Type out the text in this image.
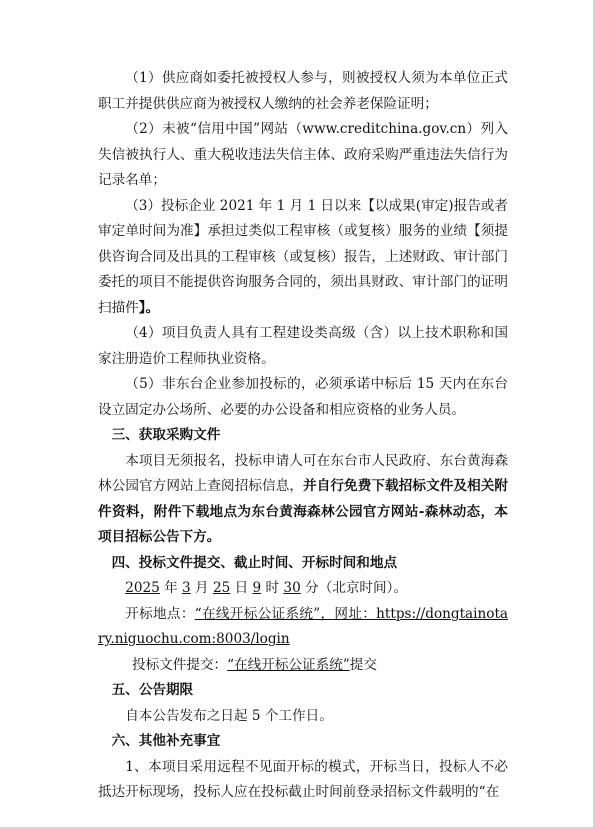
（1）供应商如委托被授权人参与，则被授权人须为本单位正式职工并提供供应商为被授权人缴纳的社会养老保险证明；

（2）未被“信用中国”网站（www.creditchina.gov.cn）列入失信被执行人、重大税收违法失信主体、政府采购严重违法失信行为记录名单；

（3）投标企业 2021 年 1 月 1 日以来【以成果(审定)报告或者审定单时间为准】承担过类似工程审核（或复核）服务的业绩【须提供咨询合同及出具的工程审核（或复核）报告，上述财政、审计部门委托的项目不能提供咨询服务合同的，须出具财政、审计部门的证明扫描件】。

（4）项目负责人具有工程建设类高级（含）以上技术职称和国家注册造价工程师执业资格。

（5）非东台企业参加投标的，必须承诺中标后 15 天内在东台设立固定办公场所、必要的办公设备和相应资格的业务人员。

三、获取采购文件

本项目无须报名，投标申请人可在东台市人民政府、东台黄海森林公园官方网站上查阅招标信息，并自行免费下载招标文件及相关附件资料，附件下载地点为东台黄海森林公园官方网站-森林动态，本项目招标公告下方。

四、投标文件提交、截止时间、开标时间和地点

2025 年 3 月 25 日 9 时 30 分（北京时间）。

开标地点：“在线开标公证系统”，网址：https://dongtainotary.niguochu.com:8003/login

投标文件提交：“在线开标公证系统”提交

五、公告期限

自本公告发布之日起 5 个工作日。

六、其他补充事宜

1、本项目采用远程不见面开标的模式，开标当日，投标人不必抵达开标现场，投标人应在投标截止时间前登录招标文件载明的“在
